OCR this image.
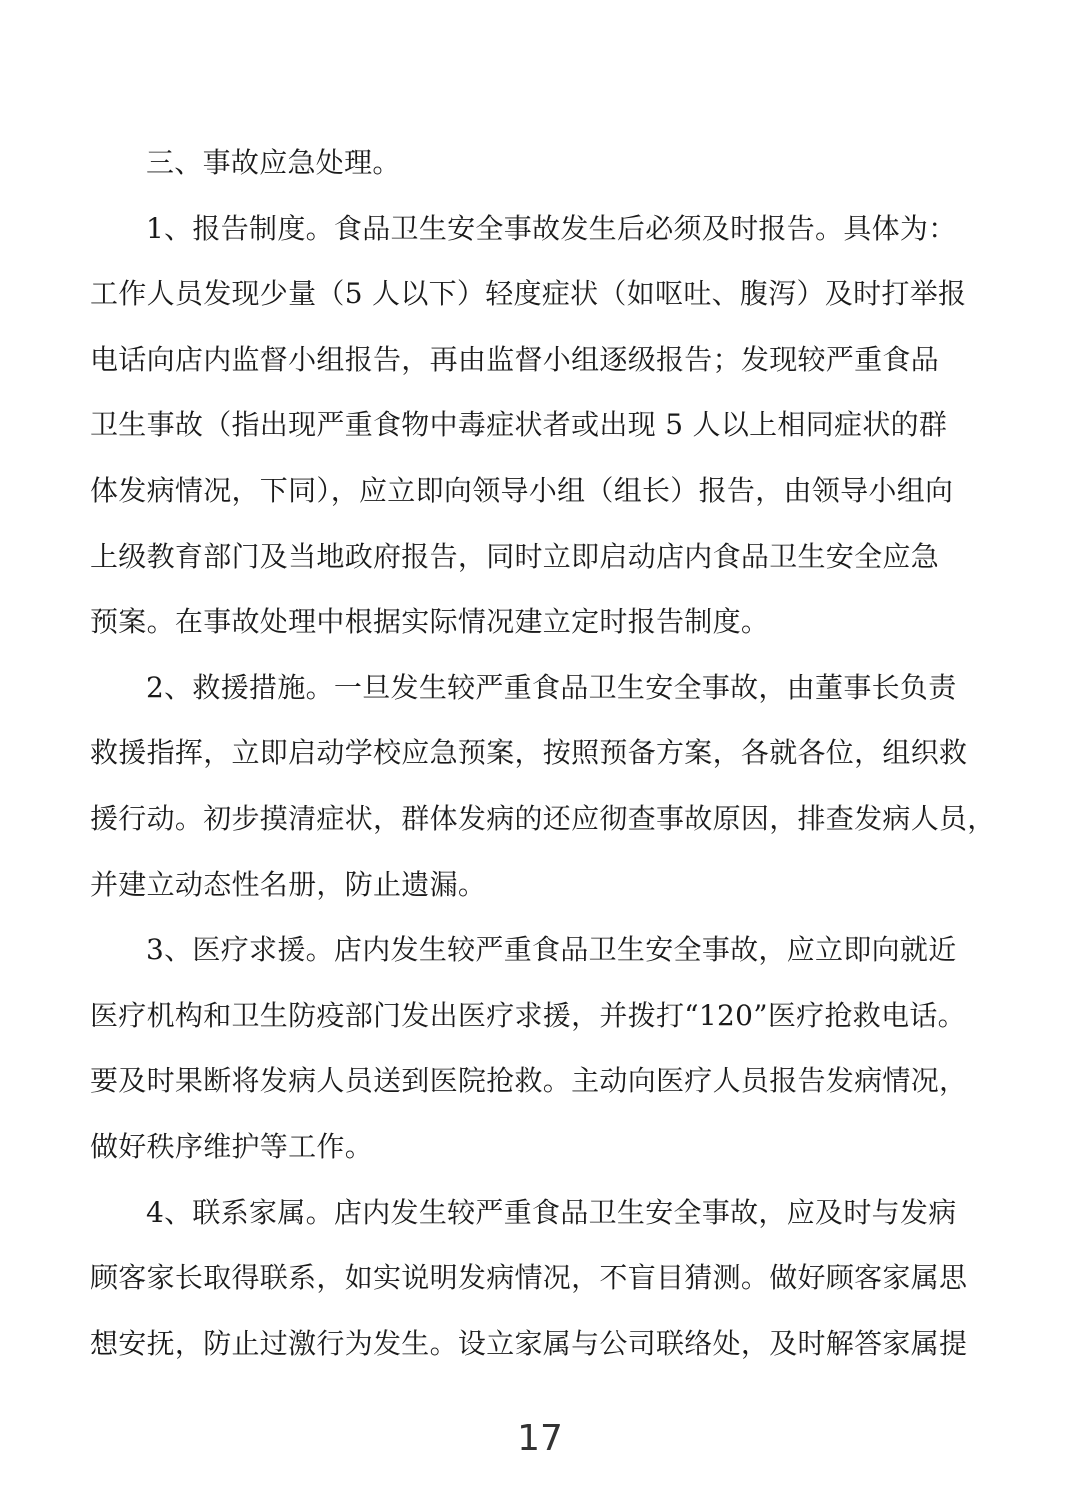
三、事故应急处理。

1、报告制度。食品卫生安全事故发生后必须及时报告。具体为：
工作人员发现少量（5 人以下）轻度症状（如呕吐、腹泻）及时打举报
电话向店内监督小组报告，再由监督小组逐级报告；发现较严重食品
卫生事故（指出现严重食物中毒症状者或出现 5 人以上相同症状的群
体发病情况，下同），应立即向领导小组（组长）报告，由领导小组向
上级教育部门及当地政府报告，同时立即启动店内食品卫生安全应急
预案。在事故处理中根据实际情况建立定时报告制度。

2、救援措施。一旦发生较严重食品卫生安全事故，由董事长负责
救援指挥，立即启动学校应急预案，按照预备方案，各就各位，组织救
援行动。初步摸清症状，群体发病的还应彻查事故原因，排查发病人员，
并建立动态性名册，防止遗漏。

3、医疗求援。店内发生较严重食品卫生安全事故，应立即向就近
医疗机构和卫生防疫部门发出医疗求援，并拨打“120”医疗抢救电话。
要及时果断将发病人员送到医院抢救。主动向医疗人员报告发病情况，
做好秩序维护等工作。

4、联系家属。店内发生较严重食品卫生安全事故，应及时与发病
顾客家长取得联系，如实说明发病情况，不盲目猜测。做好顾客家属思
想安抚，防止过激行为发生。设立家属与公司联络处，及时解答家属提

17
